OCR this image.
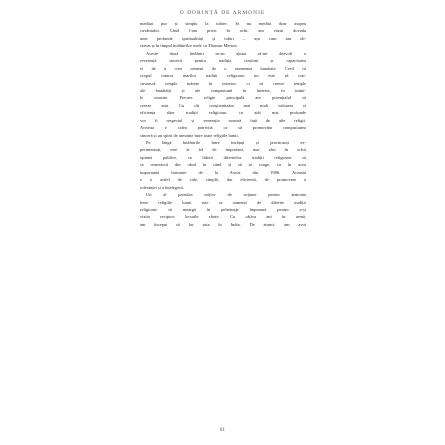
O DORINȚĂ DE ARMONIE
meditat pur și simplu la iubire. Și nu medita doar asupra
cuvântului. Când l-am privit în ochi, am văzut dovada
unei profunde spiritualități și iubiri – așa cum am ob-
servat și în timpul întâlnirilor mele cu Thomas Merton.
Aceste două întâlniri m-au ajutat să-mi dezvolt o
reverență sinceră pentru tradiția creștină și capacitatea
ei de a crea oameni de o asemenea bunătate. Cred că
scopul tuturor marilor tradiții religioase nu este să con-
struiască temple mărețe în exterior, ci să creeze temple
ale bunătății și ale compasiunii în interior, în inimi-
le noastre. Fiecare religie principală are potențialul să
creeze asta. Cu cât conștientizăm mai mult valoarea și
eficiența altor tradiții religioase, cu atât mai profunde
vor fi respectul și venerația noastră față de alte religii.
Aceasta e calea potrivită ca să promovăm compasiunea
sinceră și un spirit de armonie între toate religiile lumii.
Pe lângă întâlnirile între învățați și practicanți ex-
perimentați, este la fel de important, mai ales în ochii
opiniei publice, ca liderii diferitelor tradiții religioase să
se reunească din când în când și să se roage, ca în acea
importantă întrunire de la Assisi din 1986. Această
e o astfel de cale, simplă, dar eficientă, de promovare a
toleranței și a înțelegerii.
Un al patrulea mijloc de acțiune pentru armonia
între religiile lumii este ca oamenii de diferite tradiții
religioase să meargă în pelerinaje împreună pentru a-și
vizita reciproc locurile sfinte. Cu câțiva ani în urmă,
am început să fac asta în India. De atunci, am avut
81
